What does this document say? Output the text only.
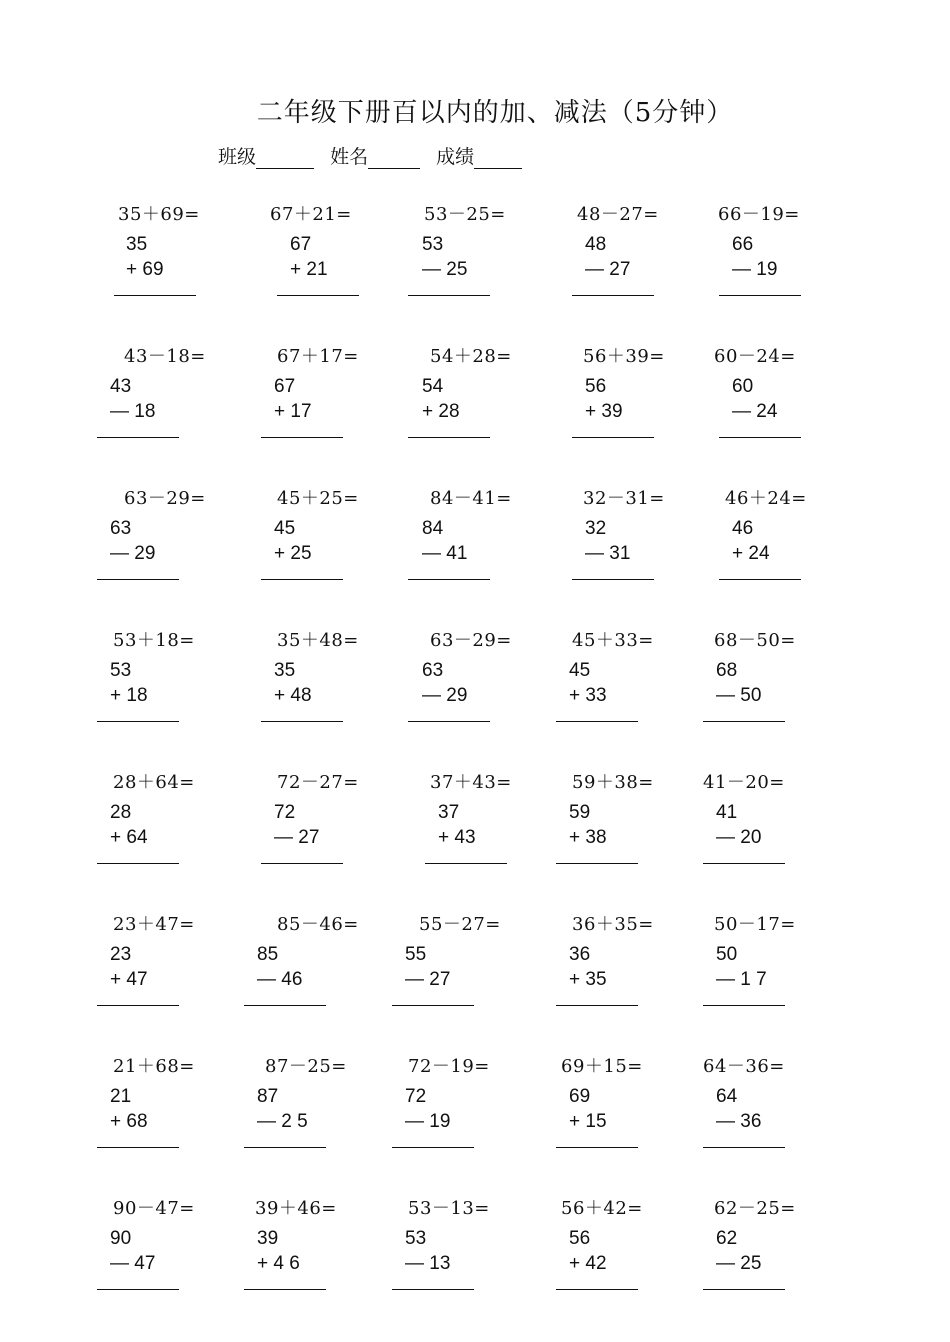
二年级下册百以内的加、减法（5分钟）
班级	姓名	成绩
35＋69=
35
+ 69
67＋21=
67
+ 21
53－25=
53
— 25
48－27=
48
— 27
66－19=
66
— 19
43－18=
43
— 18
67＋17=
67
+ 17
54＋28=
54
+ 28
56＋39=
56
+ 39
60－24=
60
— 24
63－29=
63
— 29
45＋25=
45
+ 25
84－41=
84
— 41
32－31=
32
— 31
46＋24=
46
+ 24
53＋18=
53
+ 18
35＋48=
35
+ 48
63－29=
63
— 29
45＋33=
45
+ 33
68－50=
68
— 50
28＋64=
28
+ 64
72－27=
72
— 27
37＋43=
37
+ 43
59＋38=
59
+ 38
41－20=
41
— 20
23＋47=
23
+ 47
85－46=
85
— 46
55－27=
55
— 27
36＋35=
36
+ 35
50－17=
50
— 1 7
21＋68=
21
+ 68
87－25=
87
— 2 5
72－19=
72
— 19
69＋15=
69
+ 15
64－36=
64
— 36
90－47=
90
— 47
39＋46=
39
+ 4 6
53－13=
53
— 13
56＋42=
56
+ 42
62－25=
62
— 25
